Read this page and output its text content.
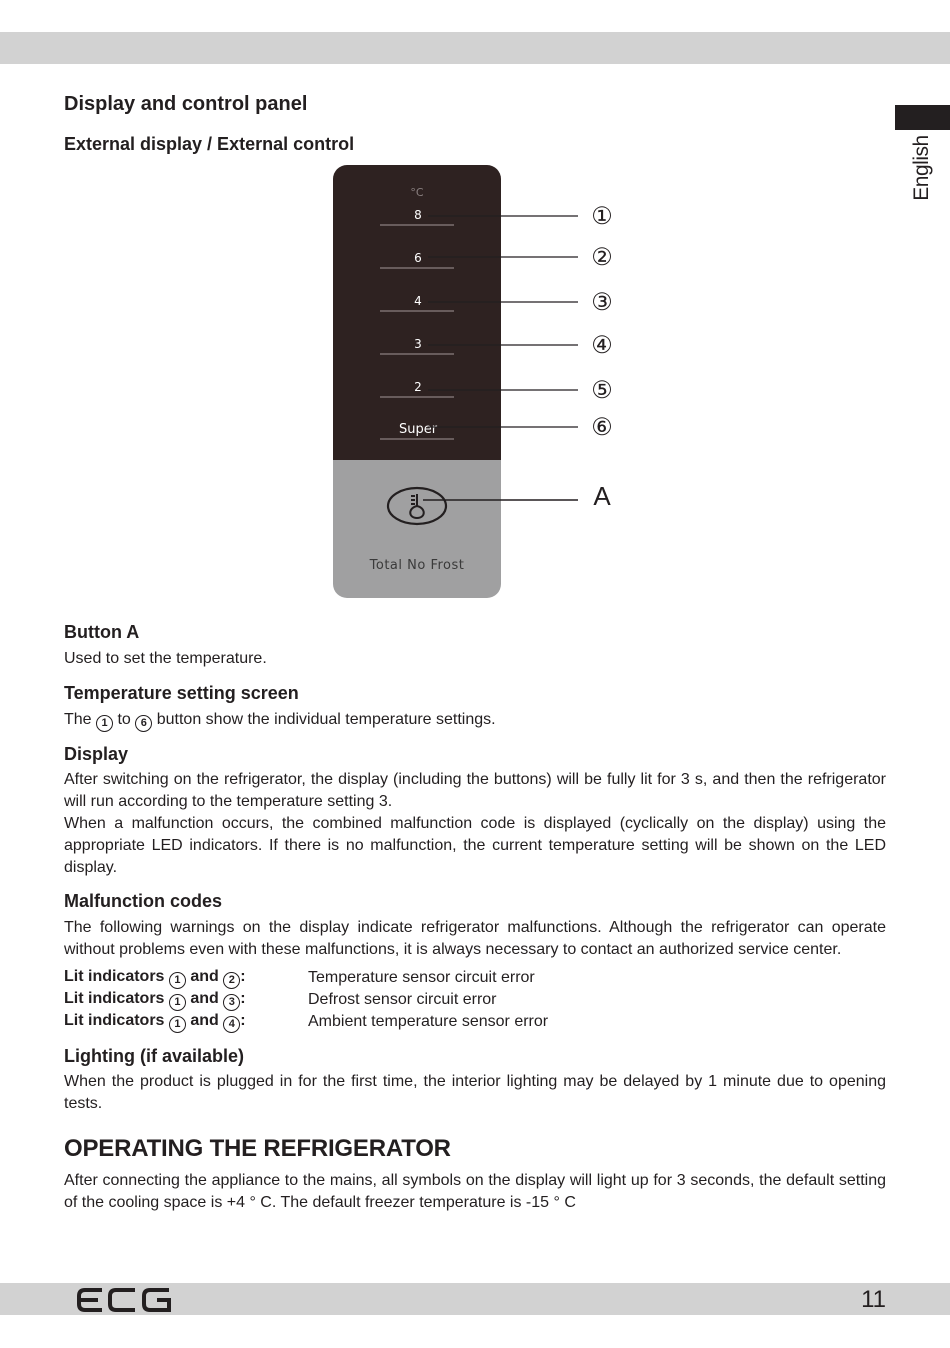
English
Display and control panel
External display / External control
°C
8	①
6	②
4	③
3	④
2	⑤
Super	⑥
A
Total No Frost
Button A
Used to set the temperature.
Temperature setting screen
The 1 to 6 button show the individual temperature settings.
Display
After switching on the refrigerator, the display (including the buttons) will be fully lit for 3 s, and then the refrigerator will run according to the temperature setting 3.
When a malfunction occurs, the combined malfunction code is displayed (cyclically on the display) using the appropriate LED indicators. If there is no malfunction, the current temperature setting will be shown on the LED display.
Malfunction codes
The following warnings on the display indicate refrigerator malfunctions. Although the refrigerator can operate without problems even with these malfunctions, it is always necessary to contact an authorized service center.
Lit indicators 1 and 2 :	Temperature sensor circuit error
Lit indicators 1 and 3 :	Defrost sensor circuit error
Lit indicators 1 and 4 :	Ambient temperature sensor error
Lighting (if available)
When the product is plugged in for the first time, the interior lighting may be delayed by 1 minute due to opening tests.
OPERATING THE REFRIGERATOR
After connecting the appliance to the mains, all symbols on the display will light up for 3 seconds, the default setting of the cooling space is +4 ° C. The default freezer temperature is -15 ° C
11
